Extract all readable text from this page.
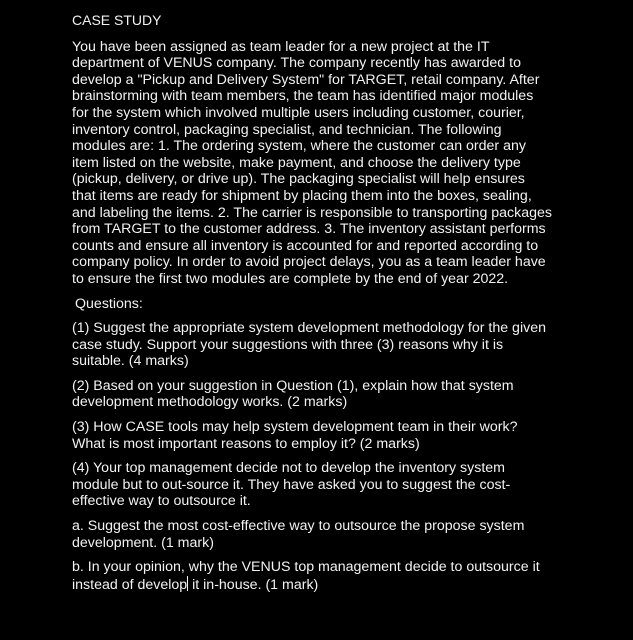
CASE STUDY
You have been assigned as team leader for a new project at the IT department of VENUS company. The company recently has awarded to develop a "Pickup and Delivery System" for TARGET, retail company. After brainstorming with team members, the team has identified major modules for the system which involved multiple users including customer, courier, inventory control, packaging specialist, and technician. The following modules are: 1. The ordering system, where the customer can order any item listed on the website, make payment, and choose the delivery type (pickup, delivery, or drive up). The packaging specialist will help ensures that items are ready for shipment by placing them into the boxes, sealing, and labeling the items. 2. The carrier is responsible to transporting packages from TARGET to the customer address. 3. The inventory assistant performs counts and ensure all inventory is accounted for and reported according to company policy. In order to avoid project delays, you as a team leader have to ensure the first two modules are complete by the end of year 2022.
Questions:
(1) Suggest the appropriate system development methodology for the given case study. Support your suggestions with three (3) reasons why it is suitable. (4 marks)
(2) Based on your suggestion in Question (1), explain how that system development methodology works. (2 marks)
(3) How CASE tools may help system development team in their work? What is most important reasons to employ it? (2 marks)
(4) Your top management decide not to develop the inventory system module but to out-source it. They have asked you to suggest the cost-effective way to outsource it.
a. Suggest the most cost-effective way to outsource the propose system development. (1 mark)
b. In your opinion, why the VENUS top management decide to outsource it instead of develop it in-house. (1 mark)
